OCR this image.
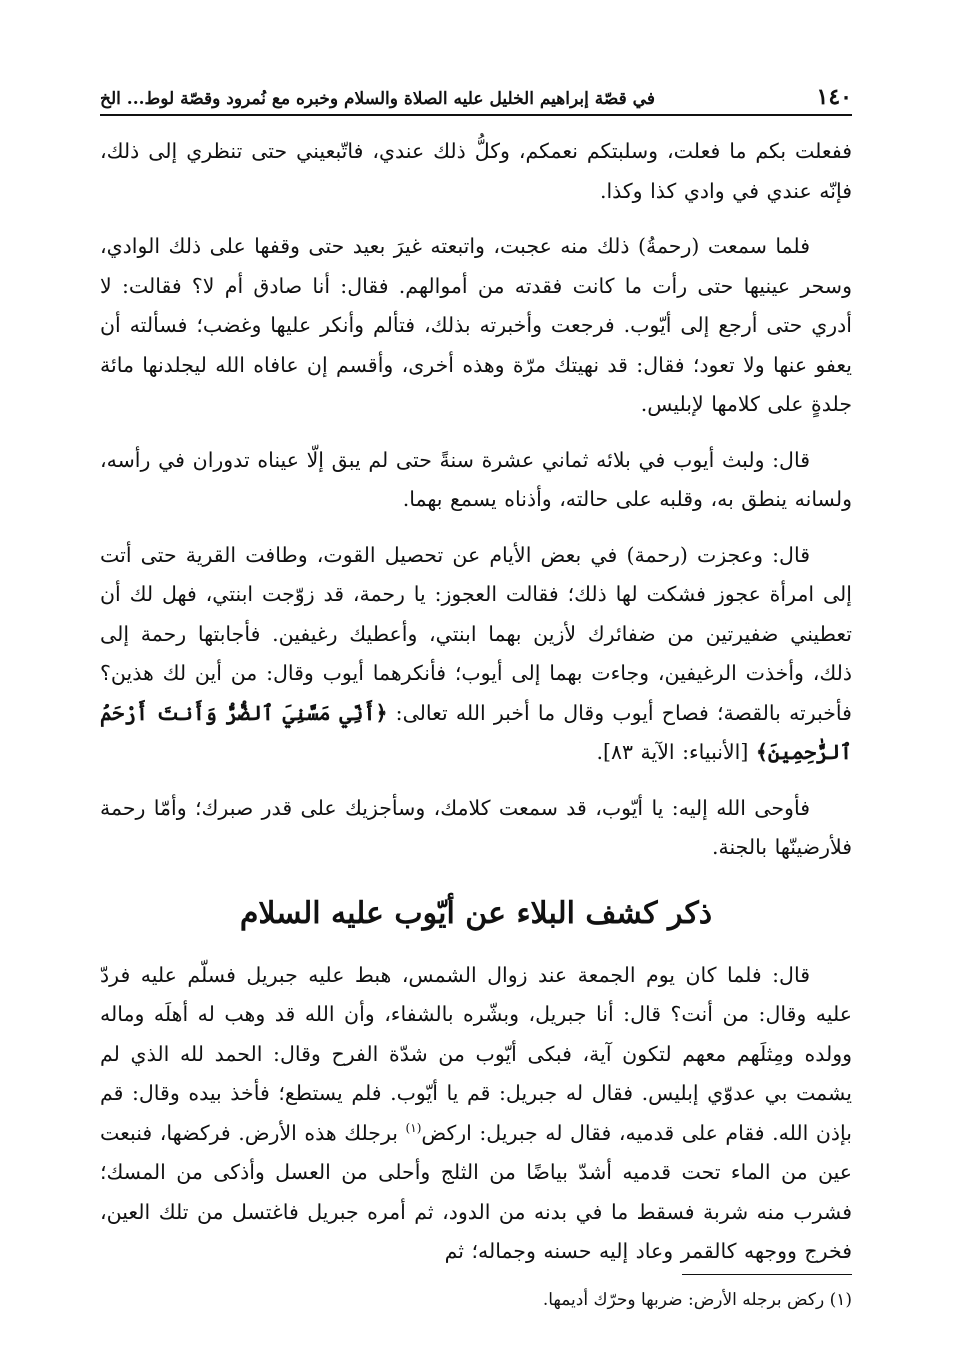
١٤٠
في قصّة إبراهيم الخليل عليه الصلاة والسلام وخبره مع نُمرود وقصّة لوط... الخ

ففعلت بكم ما فعلت، وسلبتكم نعمكم، وكلُّ ذلك عندي، فاتّبعيني حتى تنظري إلى ذلك، فإنّه عندي في وادي كذا وكذا.

فلما سمعت (رحمةُ) ذلك منه عجبت، واتبعته غيرَ بعيد حتى وقفها على ذلك الوادي، وسحر عينيها حتى رأت ما كانت فقدته من أموالهم. فقال: أنا صادق أم لا؟ فقالت: لا أدري حتى أرجع إلى أيّوب. فرجعت وأخبرته بذلك، فتألم وأنكر عليها وغضب؛ فسألته أن يعفو عنها ولا تعود؛ فقال: قد نهيتك مرّة وهذه أخرى، وأقسم إن عافاه الله ليجلدنها مائة جلدةٍ على كلامها لإبليس.

قال: ولبث أيوب في بلائه ثماني عشرة سنةً حتى لم يبق إلّا عيناه تدوران في رأسه، ولسانه ينطق به، وقلبه على حالته، وأذناه يسمع بهما.

قال: وعجزت (رحمة) في بعض الأيام عن تحصيل القوت، وطافت القرية حتى أتت إلى امرأة عجوز فشكت لها ذلك؛ فقالت العجوز: يا رحمة، قد زوّجت ابنتي، فهل لك أن تعطيني ضفيرتين من ضفائرك لأزين بهما ابنتي، وأعطيك رغيفين. فأجابتها رحمة إلى ذلك، وأخذت الرغيفين، وجاءت بهما إلى أيوب؛ فأنكرهما أيوب وقال: من أين لك هذين؟ فأخبرته بالقصة؛ فصاح أيوب وقال ما أخبر الله تعالى: ﴿أَنِّي مَسَّنِيَ ٱلضُّرُّ وَأَنتَ أَرْحَمُ ٱلرَّٰحِمِينَ﴾ [الأنبياء: الآية ٨٣].

فأوحى الله إليه: يا أيّوب، قد سمعت كلامك، وسأجزيك على قدر صبرك؛ وأمّا رحمة فلأرضينّها بالجنة.

ذكر كشف البلاء عن أيّوب عليه السلام

قال: فلما كان يوم الجمعة عند زوال الشمس، هبط عليه جبريل فسلّم عليه فردّ عليه وقال: من أنت؟ قال: أنا جبريل، وبشّره بالشفاء، وأن الله قد وهب له أهلَه وماله وولده ومِثلَهم معهم لتكون آية، فبكى أيّوب من شدّة الفرح وقال: الحمد لله الذي لم يشمت بي عدوّي إبليس. فقال له جبريل: قم يا أيّوب. فلم يستطع؛ فأخذ بيده وقال: قم بإذن الله. فقام على قدميه، فقال له جبريل: اركض$^{(١)}$ برجلك هذه الأرض. فركضها، فنبعت عين من الماء تحت قدميه أشدّ بياضًا من الثلج وأحلى من العسل وأذكى من المسك؛ فشرب منه شربة فسقط ما في بدنه من الدود، ثم أمره جبريل فاغتسل من تلك العين، فخرج ووجهه كالقمر وعاد إليه حسنه وجماله؛ ثم

(١) ركض برجله الأرض: ضربها وحرّك أديمها.
